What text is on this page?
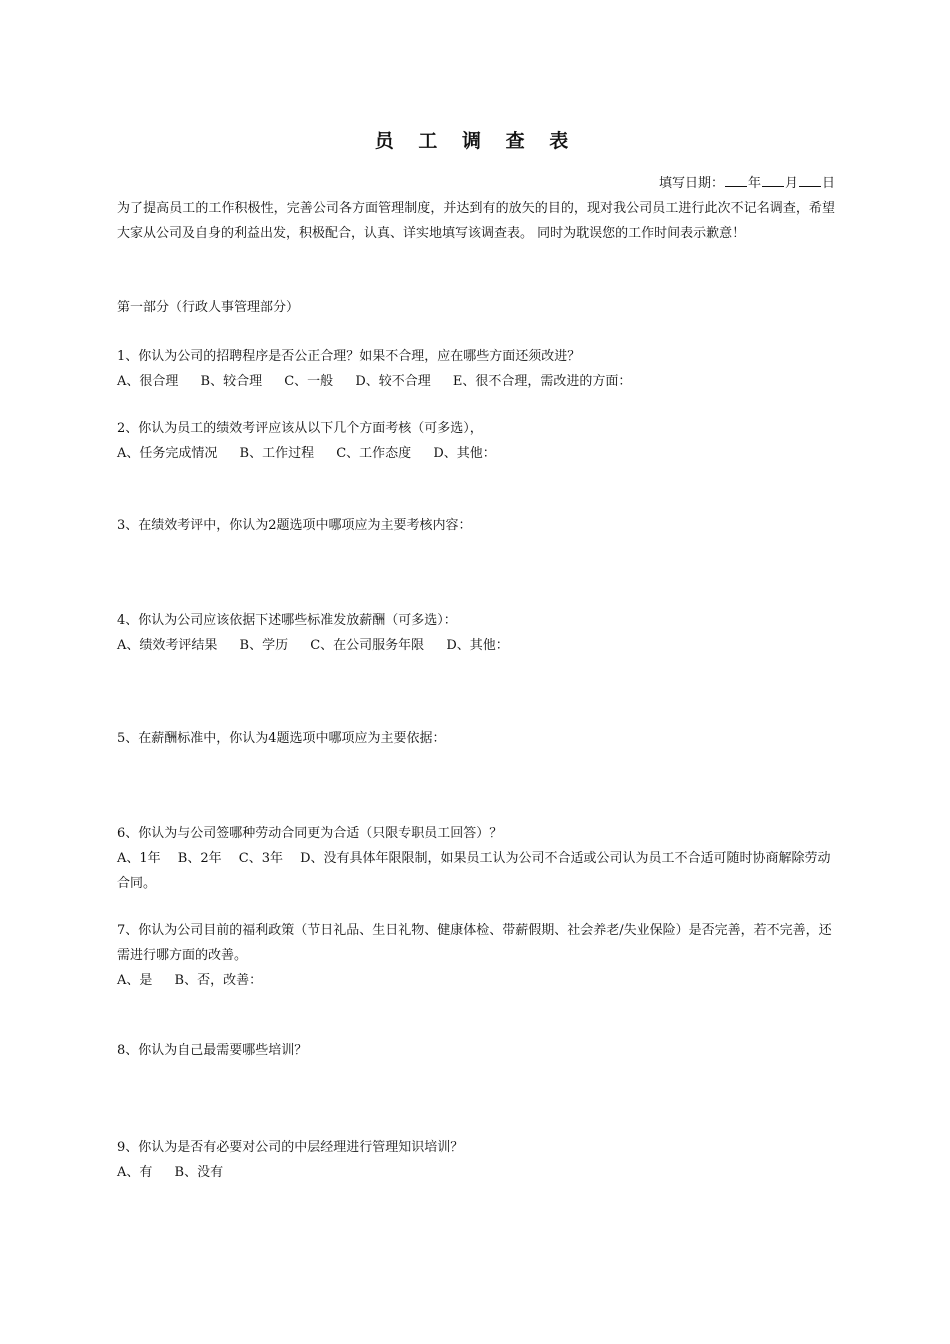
员 工 调 查 表
填写日期： 年 月 日

为了提高员工的工作积极性，完善公司各方面管理制度，并达到有的放矢的目的，现对我公司员工进行此次不记名调查，希望大家从公司及自身的利益出发，积极配合，认真、详实地填写该调查表。 同时为耽误您的工作时间表示歉意！

第一部分（行政人事管理部分）
1、你认为公司的招聘程序是否公正合理？如果不合理，应在哪些方面还须改进？
A、很合理 B、较合理 C、一般 D、较不合理 E、很不合理，需改进的方面：
2、你认为员工的绩效考评应该从以下几个方面考核（可多选），
A、任务完成情况 B、工作过程 C、工作态度 D、其他：
3、在绩效考评中，你认为2题选项中哪项应为主要考核内容：
4、你认为公司应该依据下述哪些标准发放薪酬（可多选）：
A、绩效考评结果 B、学历 C、在公司服务年限 D、其他：
5、在薪酬标准中，你认为4题选项中哪项应为主要依据：
6、你认为与公司签哪种劳动合同更为合适（只限专职员工回答）？
A、1年　 B、2年　 C、3年　 D、没有具体年限限制，如果员工认为公司不合适或公司认为员工不合适可随时协商解除劳动合同。
7、你认为公司目前的福利政策（节日礼品、生日礼物、健康体检、带薪假期、社会养老/失业保险）是否完善，若不完善，还需进行哪方面的改善。
A、是 B、否，改善：
8、你认为自己最需要哪些培训？
9、你认为是否有必要对公司的中层经理进行管理知识培训？
A、有 B、没有
